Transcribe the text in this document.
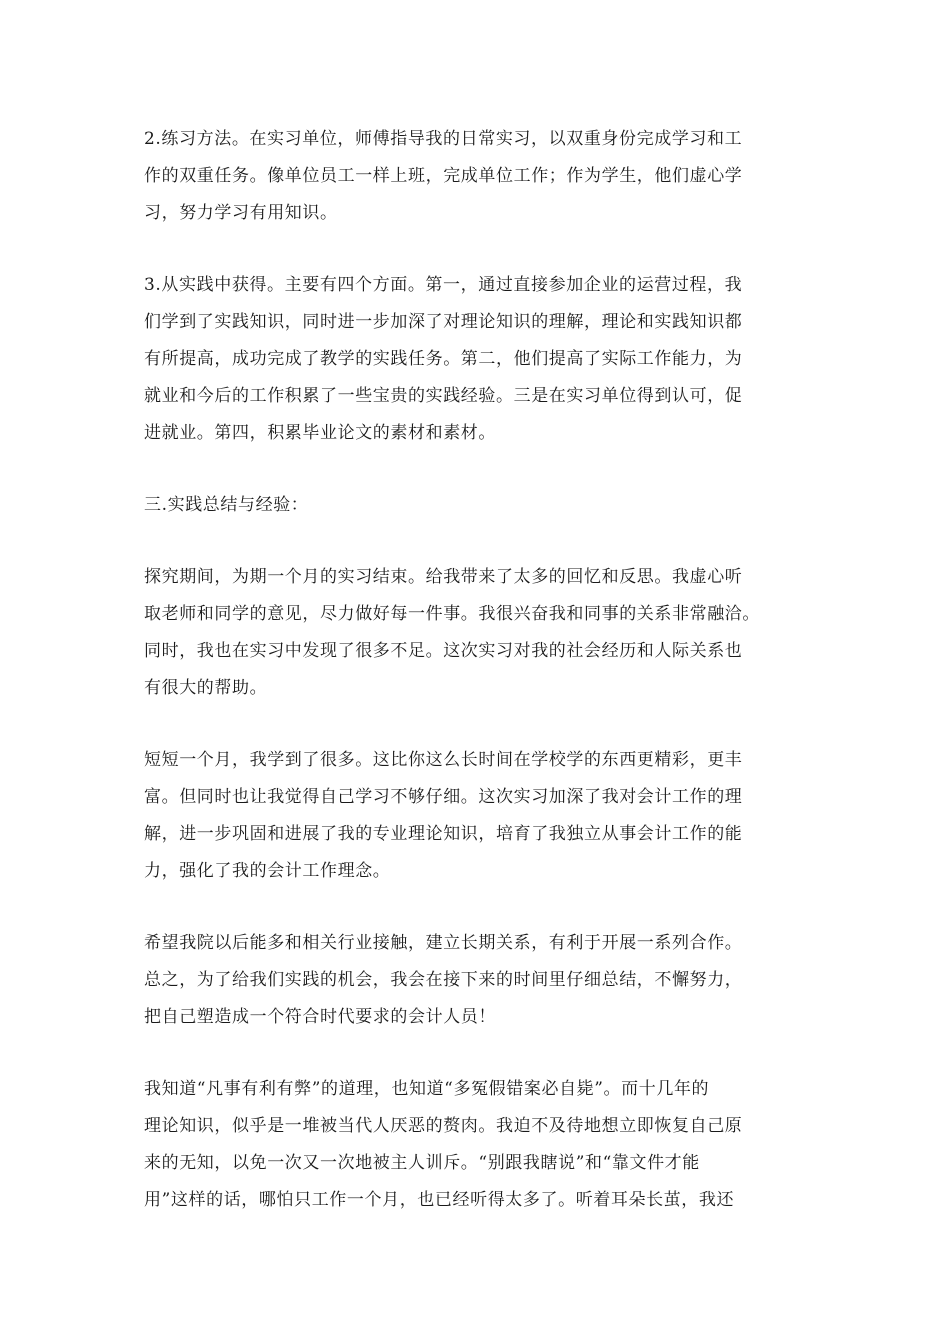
2.练习方法。在实习单位，师傅指导我的日常实习，以双重身份完成学习和工
作的双重任务。像单位员工一样上班，完成单位工作；作为学生，他们虚心学
习，努力学习有用知识。

3.从实践中获得。主要有四个方面。第一，通过直接参加企业的运营过程，我
们学到了实践知识，同时进一步加深了对理论知识的理解，理论和实践知识都
有所提高，成功完成了教学的实践任务。第二，他们提高了实际工作能力，为
就业和今后的工作积累了一些宝贵的实践经验。三是在实习单位得到认可，促
进就业。第四，积累毕业论文的素材和素材。

三.实践总结与经验：

探究期间，为期一个月的实习结束。给我带来了太多的回忆和反思。我虚心听
取老师和同学的意见，尽力做好每一件事。我很兴奋我和同事的关系非常融洽。
同时，我也在实习中发现了很多不足。这次实习对我的社会经历和人际关系也
有很大的帮助。

短短一个月，我学到了很多。这比你这么长时间在学校学的东西更精彩，更丰
富。但同时也让我觉得自己学习不够仔细。这次实习加深了我对会计工作的理
解，进一步巩固和进展了我的专业理论知识，培育了我独立从事会计工作的能
力，强化了我的会计工作理念。

希望我院以后能多和相关行业接触，建立长期关系，有利于开展一系列合作。
总之，为了给我们实践的机会，我会在接下来的时间里仔细总结，不懈努力，
把自己塑造成一个符合时代要求的会计人员！

我知道“凡事有利有弊”的道理，也知道“多冤假错案必自毙”。而十几年的
理论知识，似乎是一堆被当代人厌恶的赘肉。我迫不及待地想立即恢复自己原
来的无知，以免一次又一次地被主人训斥。“别跟我瞎说”和“靠文件才能
用”这样的话，哪怕只工作一个月，也已经听得太多了。听着耳朵长茧，我还
